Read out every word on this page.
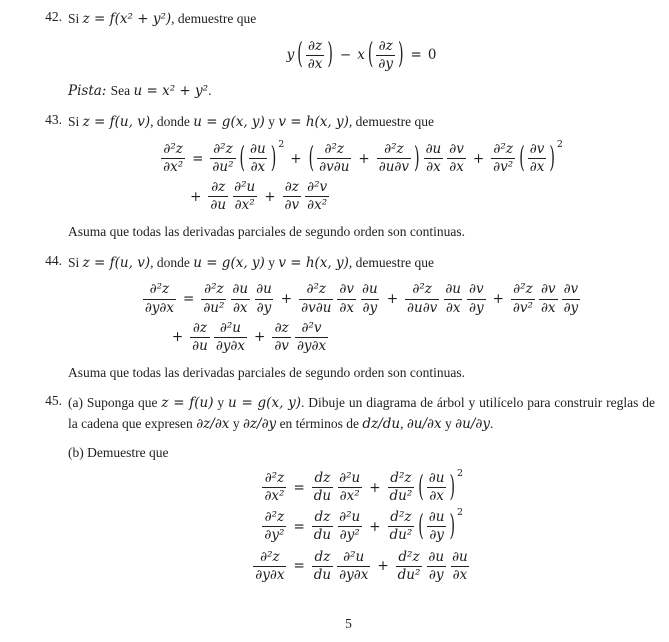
42. Si z = f(x² + y²), demuestre que

y ( $\frac{\partial z}{\partial x}$ ) − x ( $\frac{\partial z}{\partial y}$ ) = 0

Pista: Sea u = x² + y².

43. Si z = f(u, v), donde u = g(x, y) y v = h(x, y), demuestre que

$\frac{\text{∂²z}}{\text{∂x²}} = \frac{\text{∂²z}}{\text{∂u²}}$ ( $\frac{\partial u}{\partial x}$ ) 2
+ ( $\frac{\text{∂²z}}{\partial v\partial u} + \frac{\text{∂²z}}{\partial u\partial v}$ ) $\frac{\partial u}{\partial x} \frac{\partial v}{\partial x} + \frac{\text{∂²z}}{\text{∂v²}}$ ( $\frac{\partial v}{\partial x}$ ) 2
+ $\frac{\partial z}{\partial u} \frac{\text{∂²u}}{\text{∂x²}} + \frac{\partial z}{\partial v} \frac{\text{∂²v}}{\text{∂x²}}$

Asuma que todas las derivadas parciales de segundo orden son continuas.

44. Si z = f(u, v), donde u = g(x, y) y v = h(x, y), demuestre que

$\frac{\text{∂²z}}{\partial y\partial x} = \frac{\text{∂²z}}{\text{∂u²}} \frac{\partial u}{\partial x} \frac{\partial u}{\partial y} + \frac{\text{∂²z}}{\partial v\partial u} \frac{\partial v}{\partial x} \frac{\partial u}{\partial y} + \frac{\text{∂²z}}{\partial u\partial v} \frac{\partial u}{\partial x} \frac{\partial v}{\partial y} + \frac{\text{∂²z}}{\text{∂v²}} \frac{\partial v}{\partial x} \frac{\partial v}{\partial y}$
+ $\frac{\partial z}{\partial u} \frac{\text{∂²u}}{\partial y\partial x} + \frac{\partial z}{\partial v} \frac{\text{∂²v}}{\partial y\partial x}$

Asuma que todas las derivadas parciales de segundo orden son continuas.

45. (a) Suponga que z = f(u) y u = g(x, y). Dibuje un diagrama de árbol y utilícelo para construir reglas de la cadena que expresen ∂z/∂x y ∂z/∂y en términos de dz/du, ∂u/∂x y ∂u/∂y.

(b) Demuestre que

$\frac{\text{∂²z}}{\text{∂x²}} = \frac{dz}{du} \frac{\text{∂²u}}{\text{∂x²}} + \frac{\text{d²z}}{\text{du²}}$ ( $\frac{\partial u}{\partial x}$ ) 2
$\frac{\text{∂²z}}{\text{∂y²}} = \frac{dz}{du} \frac{\text{∂²u}}{\text{∂y²}} + \frac{\text{d²z}}{\text{du²}}$ ( $\frac{\partial u}{\partial y}$ ) 2
$\frac{\text{∂²z}}{\partial y\partial x} = \frac{dz}{du} \frac{\text{∂²u}}{\partial y\partial x} + \frac{\text{d²z}}{\text{du²}} \frac{\partial u}{\partial y} \frac{\partial u}{\partial x}$
5
